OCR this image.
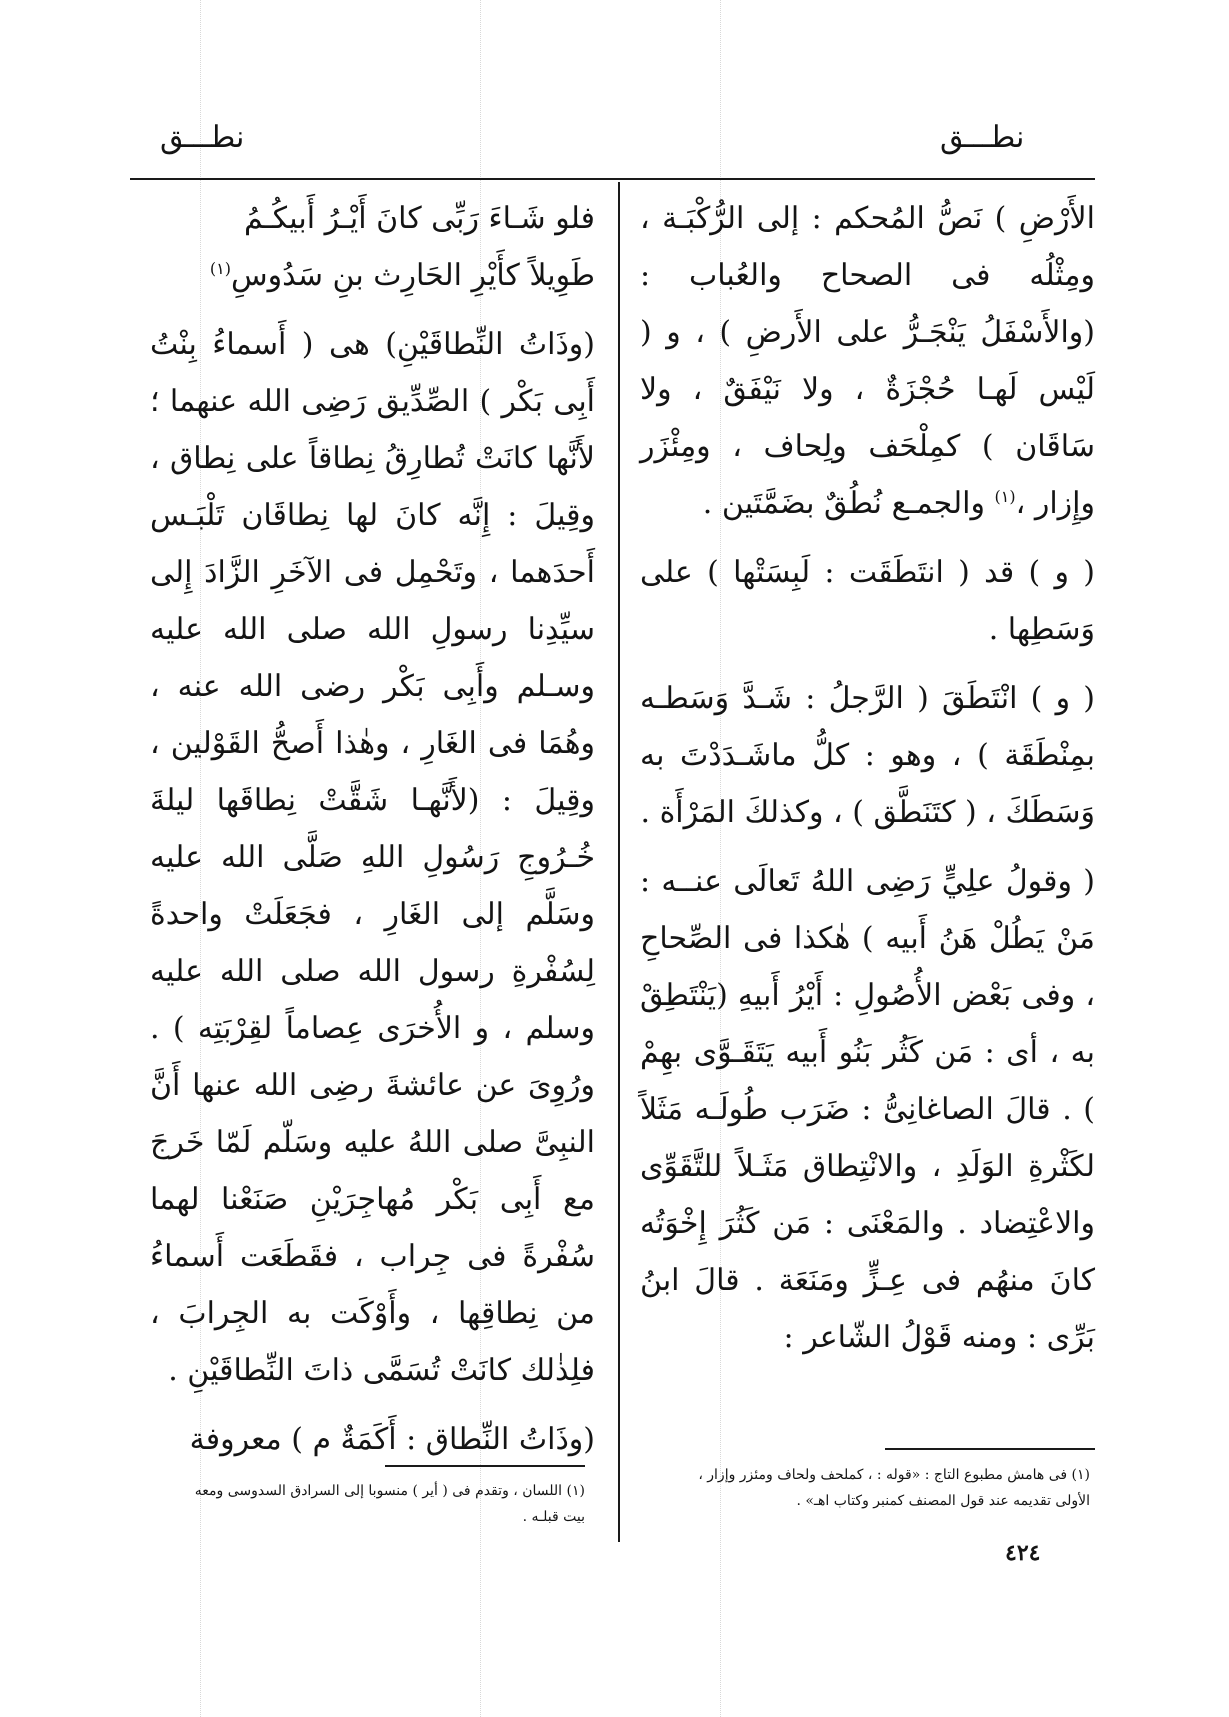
نطـــق
نطـــق

الأَرْضِ ) نَصُّ المُحكم : إلى الرُّكْبَـة ، ومِثْلُه فى الصحاح والعُباب : (والأَسْفَلُ يَنْجَـرُّ على الأَرضِ ) ، و ( لَيْس لَهـا حُجْزَةٌ ، ولا نَيْفَقٌ ، ولا سَاقَان ) كمِلْحَف ولِحاف ، ومِئْزَر وإِزار ،$^{(١)}$ والجمـع نُطُقٌ بضَمَّتَين .

( و ) قد ( انتَطَقَت : لَبِسَتْها ) على وَسَطِها .

( و ) انْتَطَقَ ( الرَّجلُ : شَـدَّ وَسَطـه بمِنْطَقَة ) ، وهو : كلُّ ماشَـدَدْتَ به وَسَطَكَ ، ( كتَنَطَّق ) ، وكذلكَ المَرْأَة .

( وقولُ علِيٍّ رَضِى اللهُ تَعالَى عنــه : مَنْ يَطُلْ هَنُ أَبيه ) هٰكذا فى الصِّحاحِ ، وفى بَعْض الأُصُولِ : أَيْرُ أَبيهِ (يَنْتَطِقْ به ، أى : مَن كَثُر بَنُو أَبيه يَتَقَـوَّى بهِمْ ) . قالَ الصاغانِىُّ : ضَرَب طُولَـه مَثَلاً لكَثْرةِ الوَلَدِ ، والانْتِطاق مَثَـلاً للتَّقَوِّى والاعْتِضاد . والمَعْنَى : مَن كَثُرَ إِخْوَتُه كانَ منهُم فى عِـزٍّ ومَنَعَة . قالَ ابنُ بَرِّى : ومنه قَوْلُ الشّاعر :

فلو شَـاءَ رَبِّى كانَ أَيْـرُ أَبيكُـمُ

طَوِيلاً كأَيْرِ الحَارِث بنِ سَدُوسِ$^{(١)}$

(وذَاتُ النِّطاقَيْنِ) هى ( أَسماءُ بِنْتُ أَبِى بَكْر ) الصِّدِّيق رَضِى الله عنهما ؛ لأَنَّها كانَتْ تُطارِقُ نِطاقاً على نِطاق ، وقِيلَ : إِنَّه كانَ لها نِطاقَان تَلْبَـس أَحدَهما ، وتَحْمِل فى الآخَرِ الزَّادَ إِلى سيِّدِنا رسولِ الله صلى الله عليه وسـلم وأَبِى بَكْر رضى الله عنه ، وهُمَا فى الغَارِ ، وهٰذا أَصحُّ القَوْلين ، وقِيلَ : (لأَنَّهـا شَقَّتْ نِطاقَها ليلةَ خُـرُوجِ رَسُولِ اللهِ صَلَّى الله عليه وسَلَّم إلى الغَارِ ، فجَعَلَتْ واحدةً لِسُفْرةِ رسول الله صلى الله عليه وسلم ، و الأُخرَى عِصاماً لقِرْبَتِه ) . ورُوِىَ عن عائشةَ رضِى الله عنها أَنَّ النبِىَّ صلى اللهُ عليه وسَلّم لَمّا خَرجَ مع أَبِى بَكْر مُهاجِرَيْنِ صَنَعْنا لهما سُفْرةً فى جِراب ، فقَطَعَت أَسماءُ من نِطاقِها ، وأَوْكَت به الجِرابَ ، فلِذٰلك كانَتْ تُسَمَّى ذاتَ النِّطاقَيْنِ .

(وذَاتُ النِّطاق : أَكَمَةٌ م ) معروفة

(١) فى هامش مطبوع التاج : «قوله : ، كملحف ولحاف ومئزر وإزار ، الأولى تقديمه عند قول المصنف كمنبر وكتاب اهـ» .
(١) اللسان ، وتقدم فى ( أير ) منسوبا إلى السرادق السدوسى ومعه بيت قبلـه .
٤٢٤
